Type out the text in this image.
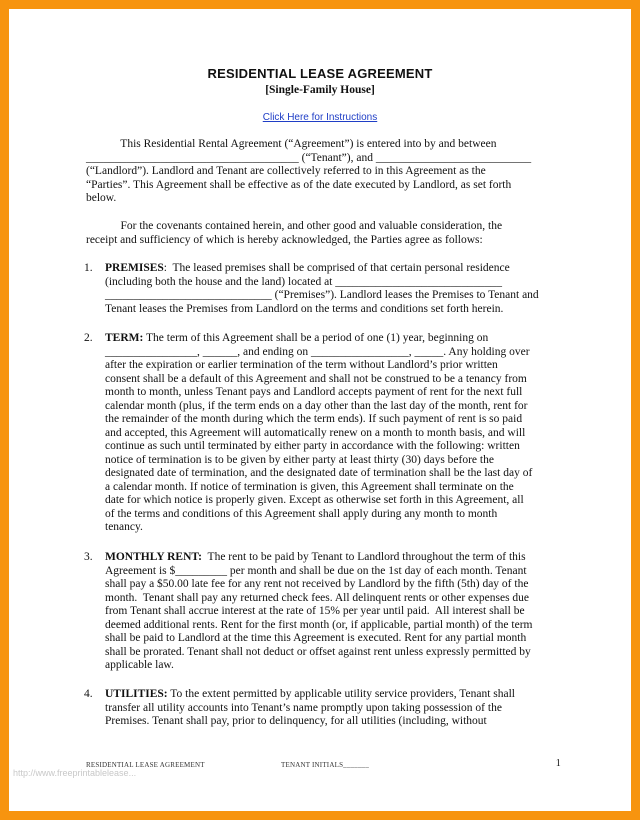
RESIDENTIAL LEASE AGREEMENT
[Single-Family House]
Click Here for Instructions
This Residential Rental Agreement (“Agreement”) is entered into by and between
_____________________________________ (“Tenant”), and ___________________________
(“Landlord”). Landlord and Tenant are collectively referred to in this Agreement as the
“Parties”. This Agreement shall be effective as of the date executed by Landlord, as set forth
below.
For the covenants contained herein, and other good and valuable consideration, the
receipt and sufficiency of which is hereby acknowledged, the Parties agree as follows:
1. PREMISES:  The leased premises shall be comprised of that certain personal residence
(including both the house and the land) located at _____________________________
_____________________________ (“Premises”). Landlord leases the Premises to Tenant and
Tenant leases the Premises from Landlord on the terms and conditions set forth herein.
2. TERM: The term of this Agreement shall be a period of one (1) year, beginning on
________________, ______, and ending on _________________, _____. Any holding over
after the expiration or earlier termination of the term without Landlord’s prior written
consent shall be a default of this Agreement and shall not be construed to be a tenancy from
month to month, unless Tenant pays and Landlord accepts payment of rent for the next full
calendar month (plus, if the term ends on a day other than the last day of the month, rent for
the remainder of the month during which the term ends). If such payment of rent is so paid
and accepted, this Agreement will automatically renew on a month to month basis, and will
continue as such until terminated by either party in accordance with the following: written
notice of termination is to be given by either party at least thirty (30) days before the
designated date of termination, and the designated date of termination shall be the last day of
a calendar month. If notice of termination is given, this Agreement shall terminate on the
date for which notice is properly given. Except as otherwise set forth in this Agreement, all
of the terms and conditions of this Agreement shall apply during any month to month
tenancy.
3. MONTHLY RENT:  The rent to be paid by Tenant to Landlord throughout the term of this
Agreement is $_________ per month and shall be due on the 1st day of each month. Tenant
shall pay a $50.00 late fee for any rent not received by Landlord by the fifth (5th) day of the
month.  Tenant shall pay any returned check fees. All delinquent rents or other expenses due
from Tenant shall accrue interest at the rate of 15% per year until paid.  All interest shall be
deemed additional rents. Rent for the first month (or, if applicable, partial month) of the term
shall be paid to Landlord at the time this Agreement is executed. Rent for any partial month
shall be prorated. Tenant shall not deduct or offset against rent unless expressly permitted by
applicable law.
4. UTILITIES: To the extent permitted by applicable utility service providers, Tenant shall
transfer all utility accounts into Tenant’s name promptly upon taking possession of the
Premises. Tenant shall pay, prior to delinquency, for all utilities (including, without
RESIDENTIAL LEASE AGREEMENT	TENANT INITIALS_______	1
http://www.freeprintablelease...
